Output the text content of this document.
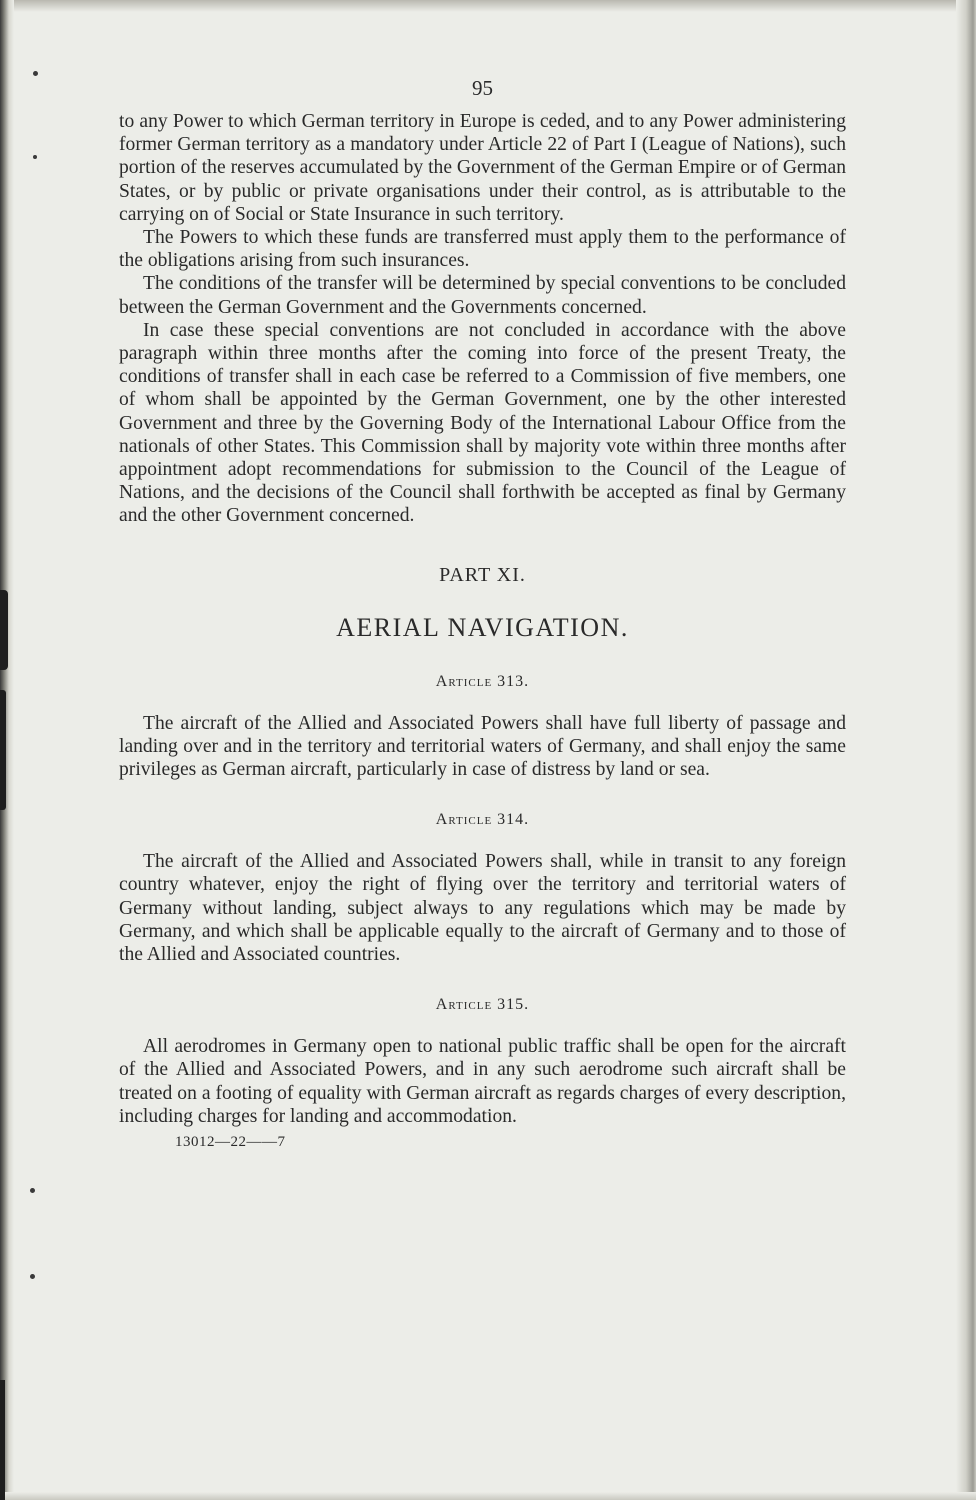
95

to any Power to which German territory in Europe is ceded, and to any Power administering former German territory as a mandatory under Article 22 of Part I (League of Nations), such portion of the reserves accumulated by the Government of the German Empire or of German States, or by public or private organisations under their control, as is attributable to the carrying on of Social or State Insurance in such territory.

The Powers to which these funds are transferred must apply them to the performance of the obligations arising from such insurances.

The conditions of the transfer will be determined by special conventions to be concluded between the German Government and the Governments concerned.

In case these special conventions are not concluded in accordance with the above paragraph within three months after the coming into force of the present Treaty, the conditions of transfer shall in each case be referred to a Commission of five members, one of whom shall be appointed by the German Government, one by the other interested Government and three by the Governing Body of the International Labour Office from the nationals of other States. This Commission shall by majority vote within three months after appointment adopt recommendations for submission to the Council of the League of Nations, and the decisions of the Council shall forthwith be accepted as final by Germany and the other Government concerned.

PART XI.
AERIAL NAVIGATION.
Article 313.

The aircraft of the Allied and Associated Powers shall have full liberty of passage and landing over and in the territory and territorial waters of Germany, and shall enjoy the same privileges as German aircraft, particularly in case of distress by land or sea.

Article 314.

The aircraft of the Allied and Associated Powers shall, while in transit to any foreign country whatever, enjoy the right of flying over the territory and territorial waters of Germany without landing, subject always to any regulations which may be made by Germany, and which shall be applicable equally to the aircraft of Germany and to those of the Allied and Associated countries.

Article 315.

All aerodromes in Germany open to national public traffic shall be open for the aircraft of the Allied and Associated Powers, and in any such aerodrome such aircraft shall be treated on a footing of equality with German aircraft as regards charges of every description, including charges for landing and accommodation.

13012—22——7
